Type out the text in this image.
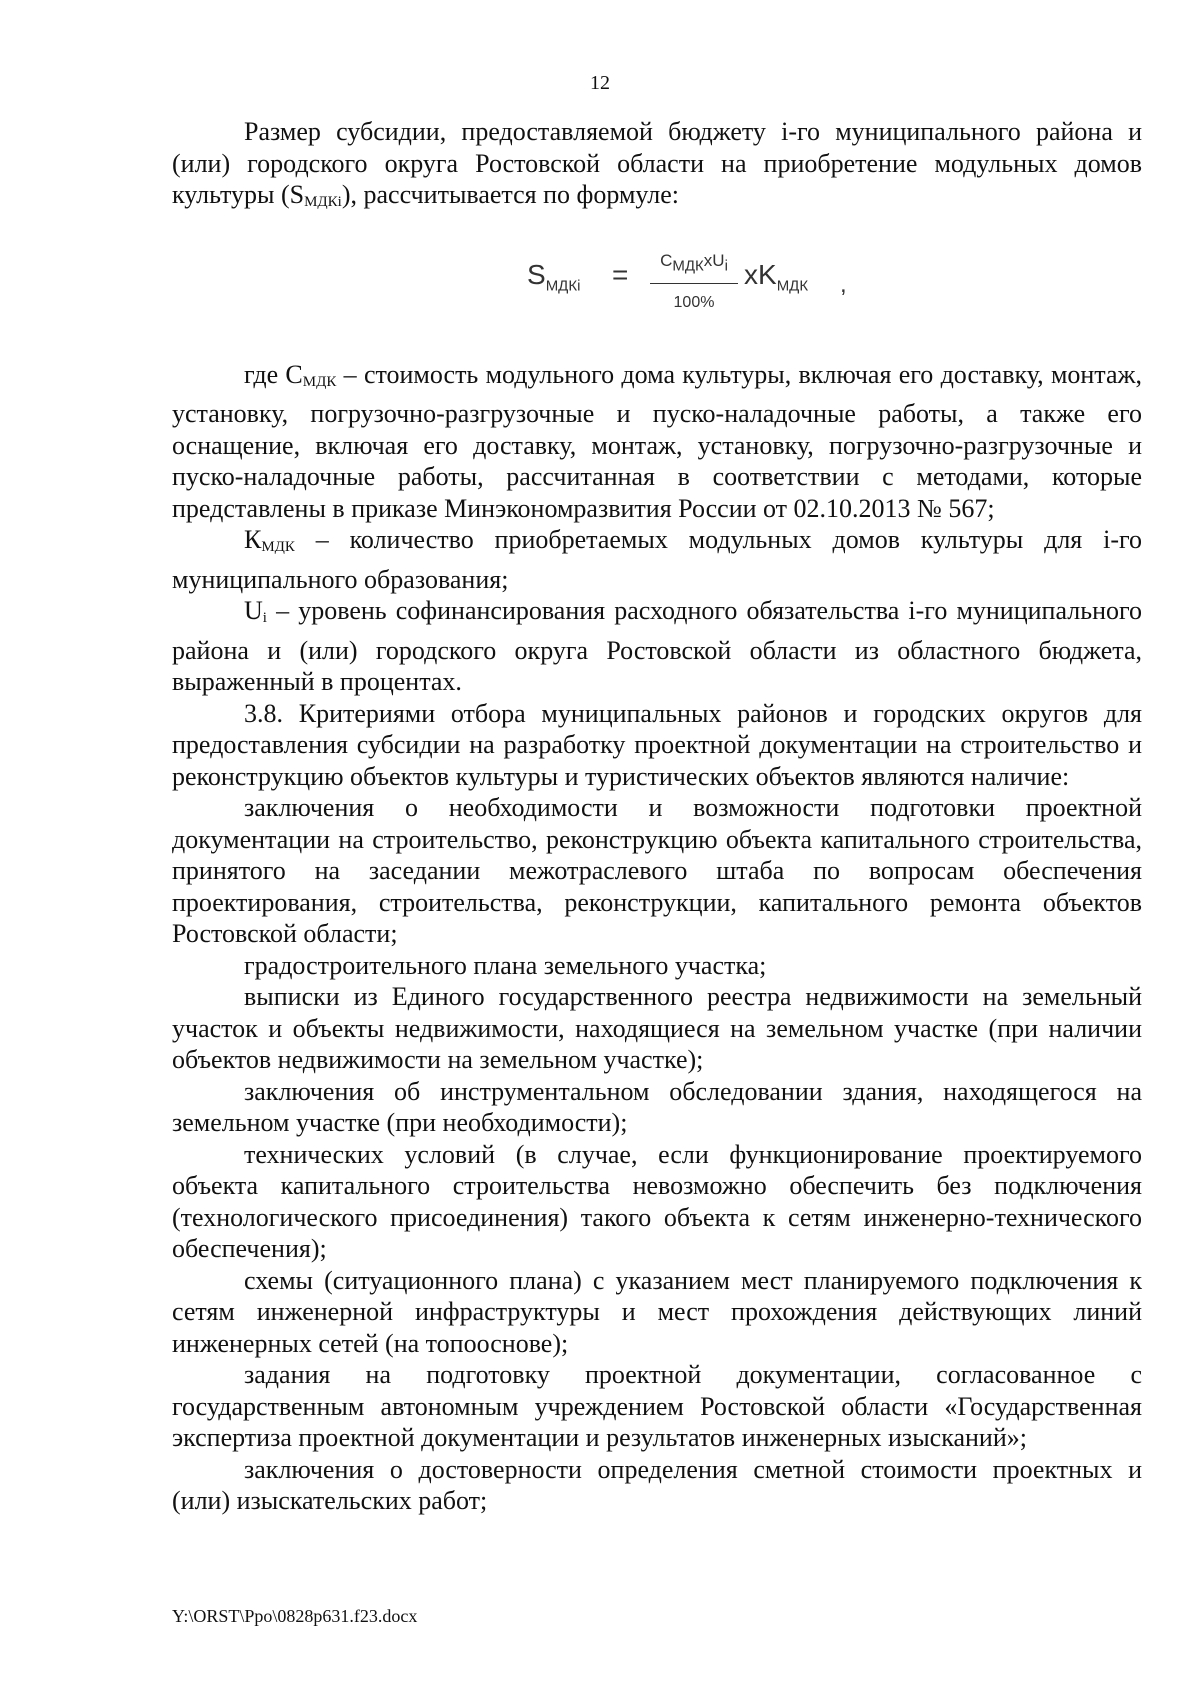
12

Размер субсидии, предоставляемой бюджету i-го муниципального района и (или) городского округа Ростовской области на приобретение модульных домов культуры $(S_{МДКi})$, рассчитывается по формуле:

$S_{МДКi}$ =	$C_{МДК}xU_i$
100%
$xK_{МДК}$ ,

где $С_{МДК}$ – стоимость модульного дома культуры, включая его доставку, монтаж, установку, погрузочно-разгрузочные и пуско-наладочные работы, а также его оснащение, включая его доставку, монтаж, установку, погрузочно-разгрузочные и пуско-наладочные работы, рассчитанная в соответствии с методами, которые представлены в приказе Минэкономразвития России от 02.10.2013 № 567;

$К_{МДК}$ – количество приобретаемых модульных домов культуры для i-го муниципального образования;

$U_i$ – уровень софинансирования расходного обязательства i-го муниципального района и (или) городского округа Ростовской области из областного бюджета, выраженный в процентах.

3.8. Критериями отбора муниципальных районов и городских округов для предоставления субсидии на разработку проектной документации на строительство и реконструкцию объектов культуры и туристических объектов являются наличие:

заключения о необходимости и возможности подготовки проектной документации на строительство, реконструкцию объекта капитального строительства, принятого на заседании межотраслевого штаба по вопросам обеспечения проектирования, строительства, реконструкции, капитального ремонта объектов Ростовской области;

градостроительного плана земельного участка;

выписки из Единого государственного реестра недвижимости на земельный участок и объекты недвижимости, находящиеся на земельном участке (при наличии объектов недвижимости на земельном участке);

заключения об инструментальном обследовании здания, находящегося на земельном участке (при необходимости);

технических условий (в случае, если функционирование проектируемого объекта капитального строительства невозможно обеспечить без подключения (технологического присоединения) такого объекта к сетям инженерно-технического обеспечения);

схемы (ситуационного плана) с указанием мест планируемого подключения к сетям инженерной инфраструктуры и мест прохождения действующих линий инженерных сетей (на топооснове);

задания на подготовку проектной документации, согласованное с государственным автономным учреждением Ростовской области «Государственная экспертиза проектной документации и результатов инженерных изысканий»;

заключения о достоверности определения сметной стоимости проектных и (или) изыскательских работ;

Y:\ORST\Ppo\0828p631.f23.docx
